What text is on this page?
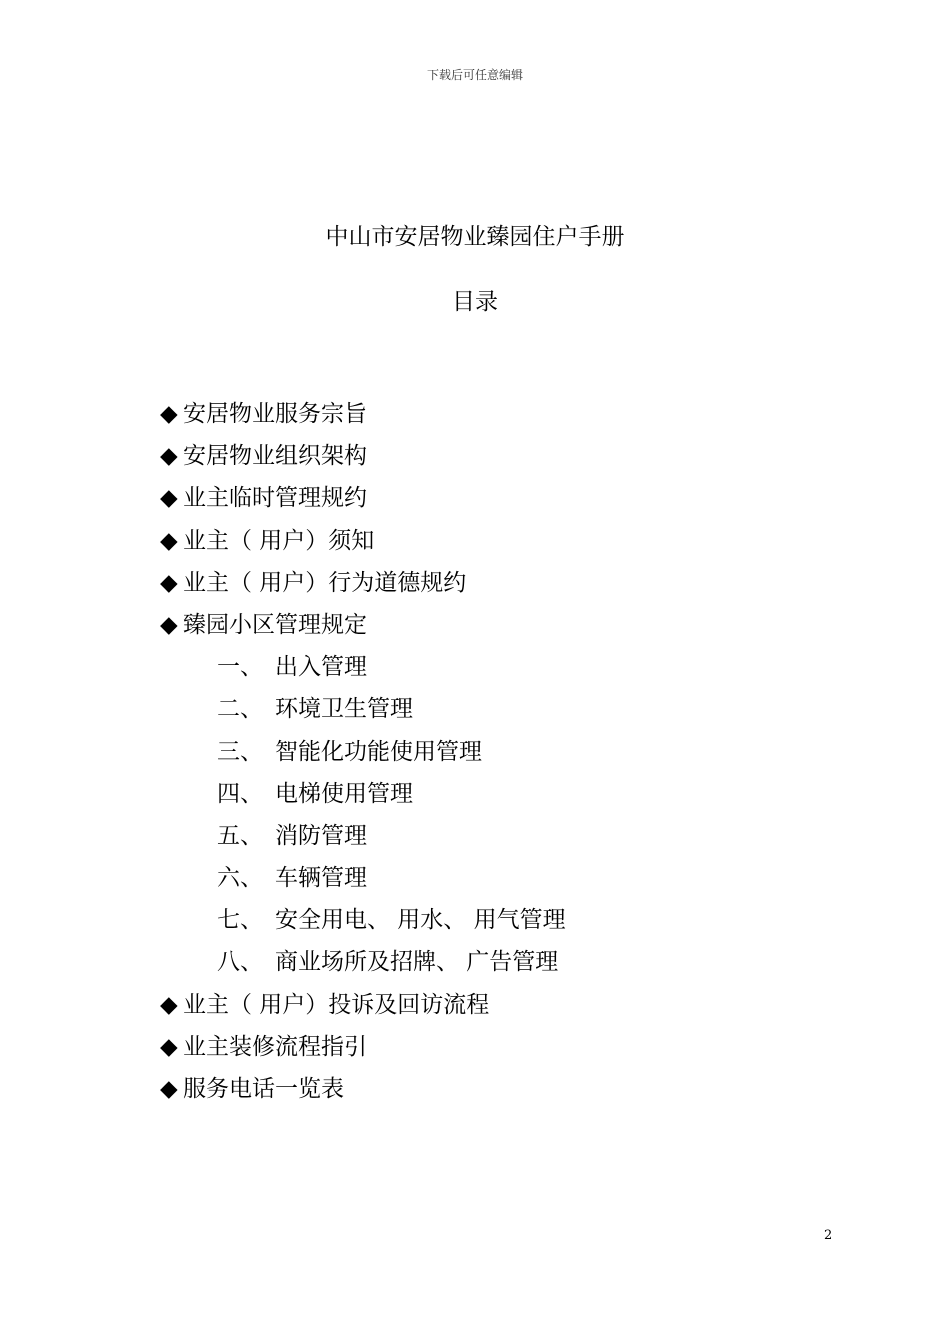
下载后可任意编辑
中山市安居物业臻园住户手册
目录
◆ 安居物业服务宗旨
◆ 安居物业组织架构
◆ 业主临时管理规约
◆ 业主（ 用户）须知
◆ 业主（ 用户）行为道德规约
◆ 臻园小区管理规定
一、 出入管理
二、 环境卫生管理
三、 智能化功能使用管理
四、 电梯使用管理
五、 消防管理
六、 车辆管理
七、 安全用电、 用水、 用气管理
八、 商业场所及招牌、 广告管理
◆ 业主（ 用户）投诉及回访流程
◆ 业主装修流程指引
◆ 服务电话一览表
2
